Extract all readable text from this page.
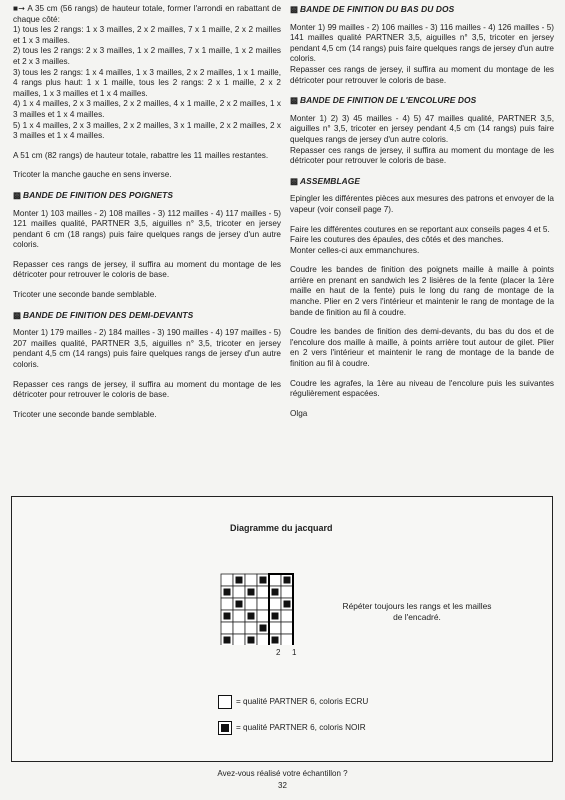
■➞ A 35 cm (56 rangs) de hauteur totale, former l'arrondi en rabattant de chaque côté:
1) tous les 2 rangs: 1 x 3 mailles, 2 x 2 mailles, 7 x 1 maille, 2 x 2 mailles et 1 x 3 mailles.
2) tous les 2 rangs: 2 x 3 mailles, 1 x 2 mailles, 7 x 1 maille, 1 x 2 mailles et 2 x 3 mailles.
3) tous les 2 rangs: 1 x 4 mailles, 1 x 3 mailles, 2 x 2 mailles, 1 x 1 maille, 4 rangs plus haut: 1 x 1 maille, tous les 2 rangs: 2 x 1 maille, 2 x 2 mailles, 1 x 3 mailles et 1 x 4 mailles.
4) 1 x 4 mailles, 2 x 3 mailles, 2 x 2 mailles, 4 x 1 maille, 2 x 2 mailles, 1 x 3 mailles et 1 x 4 mailles.
5) 1 x 4 mailles, 2 x 3 mailles, 2 x 2 mailles, 3 x 1 maille, 2 x 2 mailles, 2 x 3 mailles et 1 x 4 mailles.

A 51 cm (82 rangs) de hauteur totale, rabattre les 11 mailles restantes.

Tricoter la manche gauche en sens inverse.

▩ BANDE DE FINITION DES POIGNETS

Monter 1) 103 mailles - 2) 108 mailles - 3) 112 mailles - 4) 117 mailles - 5) 121 mailles qualité, PARTNER 3,5, aiguilles n° 3,5, tricoter en jersey pendant 6 cm (18 rangs) puis faire quelques rangs de jersey d'un autre coloris.

Repasser ces rangs de jersey, il suffira au moment du montage de les détricoter pour retrouver le coloris de base.

Tricoter une seconde bande semblable.

▩ BANDE DE FINITION DES DEMI-DEVANTS

Monter 1) 179 mailles - 2) 184 mailles - 3) 190 mailles - 4) 197 mailles - 5) 207 mailles qualité, PARTNER 3,5, aiguilles n° 3,5, tricoter en jersey pendant 4,5 cm (14 rangs) puis faire quelques rangs de jersey d'un autre coloris.

Repasser ces rangs de jersey, il suffira au moment du montage de les détricoter pour retrouver le coloris de base.

Tricoter une seconde bande semblable.

▩ BANDE DE FINITION DU BAS DU DOS

Monter 1) 99 mailles - 2) 106 mailles - 3) 116 mailles - 4) 126 mailles - 5) 141 mailles qualité PARTNER 3,5, aiguilles n° 3,5, tricoter en jersey pendant 4,5 cm (14 rangs) puis faire quelques rangs de jersey d'un autre coloris.

Repasser ces rangs de jersey, il suffira au moment du montage de les détricoter pour retrouver le coloris de base.

▩ BANDE DE FINITION DE L'ENCOLURE DOS

Monter 1) 2) 3) 45 mailles - 4) 5) 47 mailles qualité, PARTNER 3,5, aiguilles n° 3,5, tricoter en jersey pendant 4,5 cm (14 rangs) puis faire quelques rangs de jersey d'un autre coloris.

Repasser ces rangs de jersey, il suffira au moment du montage de les détricoter pour retrouver le coloris de base.

▩ ASSEMBLAGE

Epingler les différentes pièces aux mesures des patrons et envoyer de la vapeur (voir conseil page 7).

Faire les différentes coutures en se reportant aux conseils pages 4 et 5.
Faire les coutures des épaules, des côtés et des manches.
Monter celles-ci aux emmanchures.

Coudre les bandes de finition des poignets maille à maille à points arrière en prenant en sandwich les 2 lisières de la fente (placer la 1ère maille en haut de la fente) puis le long du rang de montage de la manche. Plier en 2 vers l'intérieur et maintenir le rang de montage de la bande de finition au fil à coudre.

Coudre les bandes de finition des demi-devants, du bas du dos et de l'encolure dos maille à maille, à points arrière tout autour de gilet. Plier en 2 vers l'intérieur et maintenir le rang de montage de la bande de finition au fil à coudre.

Coudre les agrafes, la 1ère au niveau de l'encolure puis les suivantes régulièrement espacées.

Olga

Diagramme du jacquard
2 1
Répéter toujours les rangs et les mailles de l'encadré.
= qualité PARTNER 6, coloris ECRU
= qualité PARTNER 6, coloris NOIR
Avez-vous réalisé votre échantillon ?
32
